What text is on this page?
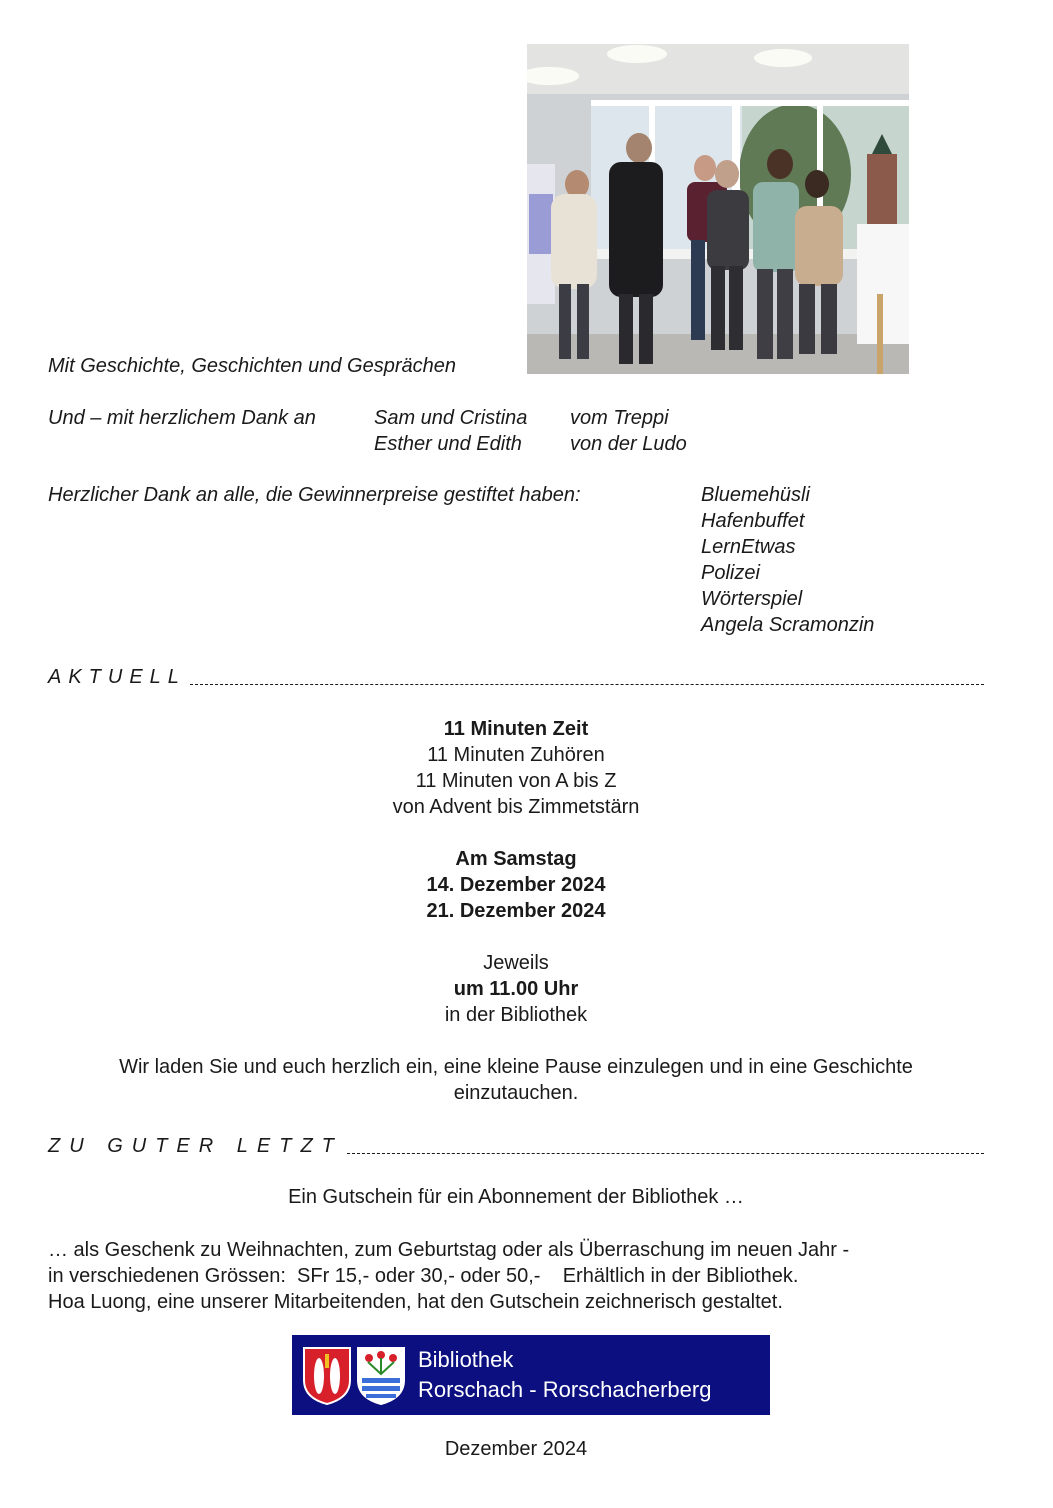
Mit Geschichte, Geschichten und Gesprächen
Und – mit herzlichem Dank an	Sam und Cristina vom Treppi
Esther und Edith von der Ludo
Herzlicher Dank an alle, die Gewinnerpreise gestiftet haben:	Bluemehüsli
Hafenbuffet
LernEtwas
Polizei
Wörterspiel
Angela Scramonzin
AKTUELL
11 Minuten Zeit
11 Minuten Zuhören
11 Minuten von A bis Z
von Advent bis Zimmetstärn
Am Samstag
14. Dezember 2024
21. Dezember 2024
Jeweils
um 11.00 Uhr
in der Bibliothek
Wir laden Sie und euch herzlich ein, eine kleine Pause einzulegen und in eine Geschichte
einzutauchen.
ZU GUTER LETZT
Ein Gutschein für ein Abonnement der Bibliothek …
… als Geschenk zu Weihnachten, zum Geburtstag oder als Überraschung im neuen Jahr -
in verschiedenen Grössen:  SFr 15,- oder 30,- oder 50,-    Erhältlich in der Bibliothek.
Hoa Luong, eine unserer Mitarbeitenden, hat den Gutschein zeichnerisch gestaltet.
Bibliothek
Rorschach - Rorschacherberg
Dezember 2024
